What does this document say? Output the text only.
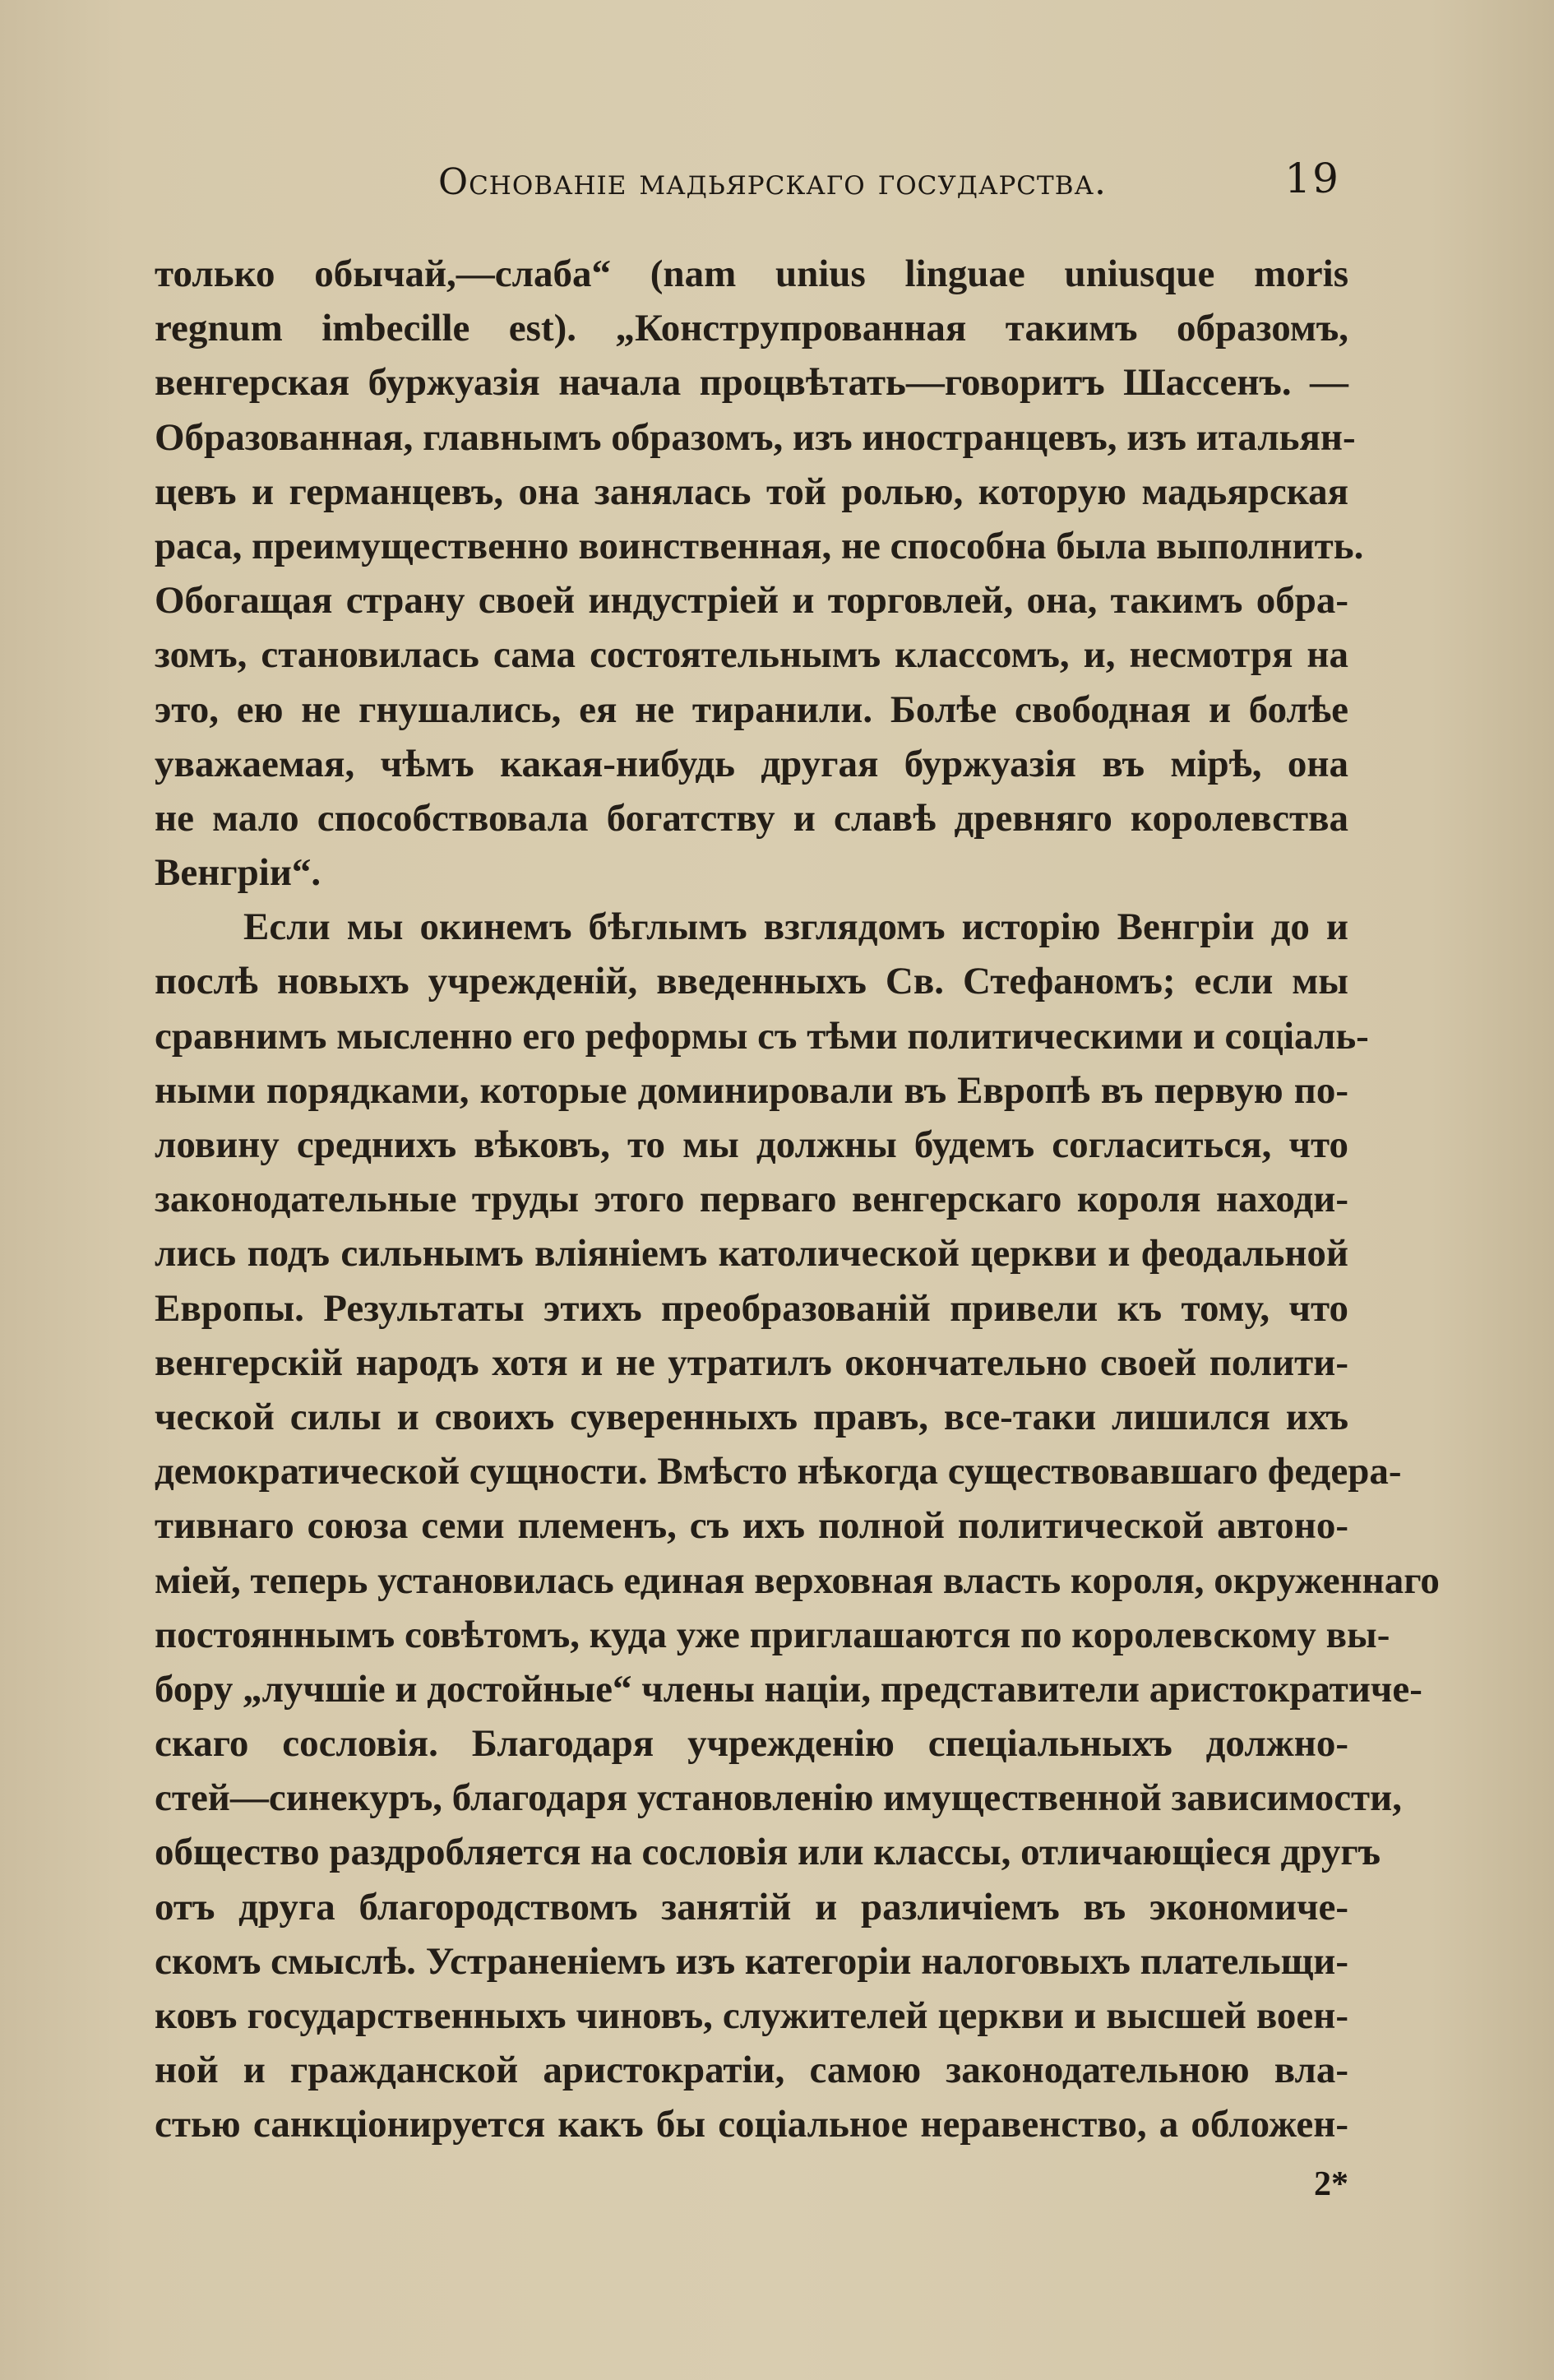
Основаніе мадьярскаго государства.	19
только обычай,—слаба“ (nam unius linguae uniusque moris
regnum imbecille est). „Конструпрованная такимъ образомъ,
венгерская буржуазія начала процвѣтать—говоритъ Шассенъ. —
Образованная, главнымъ образомъ, изъ иностранцевъ, изъ итальян-
цевъ и германцевъ, она занялась той ролью, которую мадьярская
раса, преимущественно воинственная, не способна была выполнить.
Обогащая страну своей индустріей и торговлей, она, такимъ обра-
зомъ, становилась сама состоятельнымъ классомъ, и, несмотря на
это, ею не гнушались, ея не тиранили. Болѣе свободная и болѣе
уважаемая, чѣмъ какая-нибудь другая буржуазія въ мірѣ, она
не мало способствовала богатству и славѣ древняго королевства
Венгріи“.
Если мы окинемъ бѣглымъ взглядомъ исторію Венгріи до и
послѣ новыхъ учрежденій, введенныхъ Св. Стефаномъ; если мы
сравнимъ мысленно его реформы съ тѣми политическими и соціаль-
ными порядками, которые доминировали въ Европѣ въ первую по-
ловину среднихъ вѣковъ, то мы должны будемъ согласиться, что
законодательные труды этого перваго венгерскаго короля находи-
лись подъ сильнымъ вліяніемъ католической церкви и феодальной
Европы. Результаты этихъ преобразованій привели къ тому, что
венгерскій народъ хотя и не утратилъ окончательно своей полити-
ческой силы и своихъ суверенныхъ правъ, все-таки лишился ихъ
демократической сущности. Вмѣсто нѣкогда существовавшаго федера-
тивнаго союза семи племенъ, съ ихъ полной политической автоно-
міей, теперь установилась единая верховная власть короля, окруженнаго
постояннымъ совѣтомъ, куда уже приглашаются по королевскому вы-
бору „лучшіе и достойные“ члены націи, представители аристократиче-
скаго сословія. Благодаря учрежденію спеціальныхъ должно-
стей—синекуръ, благодаря установленію имущественной зависимости,
общество раздробляется на сословія или классы, отличающіеся другъ
отъ друга благородствомъ занятій и различіемъ въ экономиче-
скомъ смыслѣ. Устраненіемъ изъ категоріи налоговыхъ плательщи-
ковъ государственныхъ чиновъ, служителей церкви и высшей воен-
ной и гражданской аристократіи, самою законодательною вла-
стью санкціонируется какъ бы соціальное неравенство, а обложен-
2*
